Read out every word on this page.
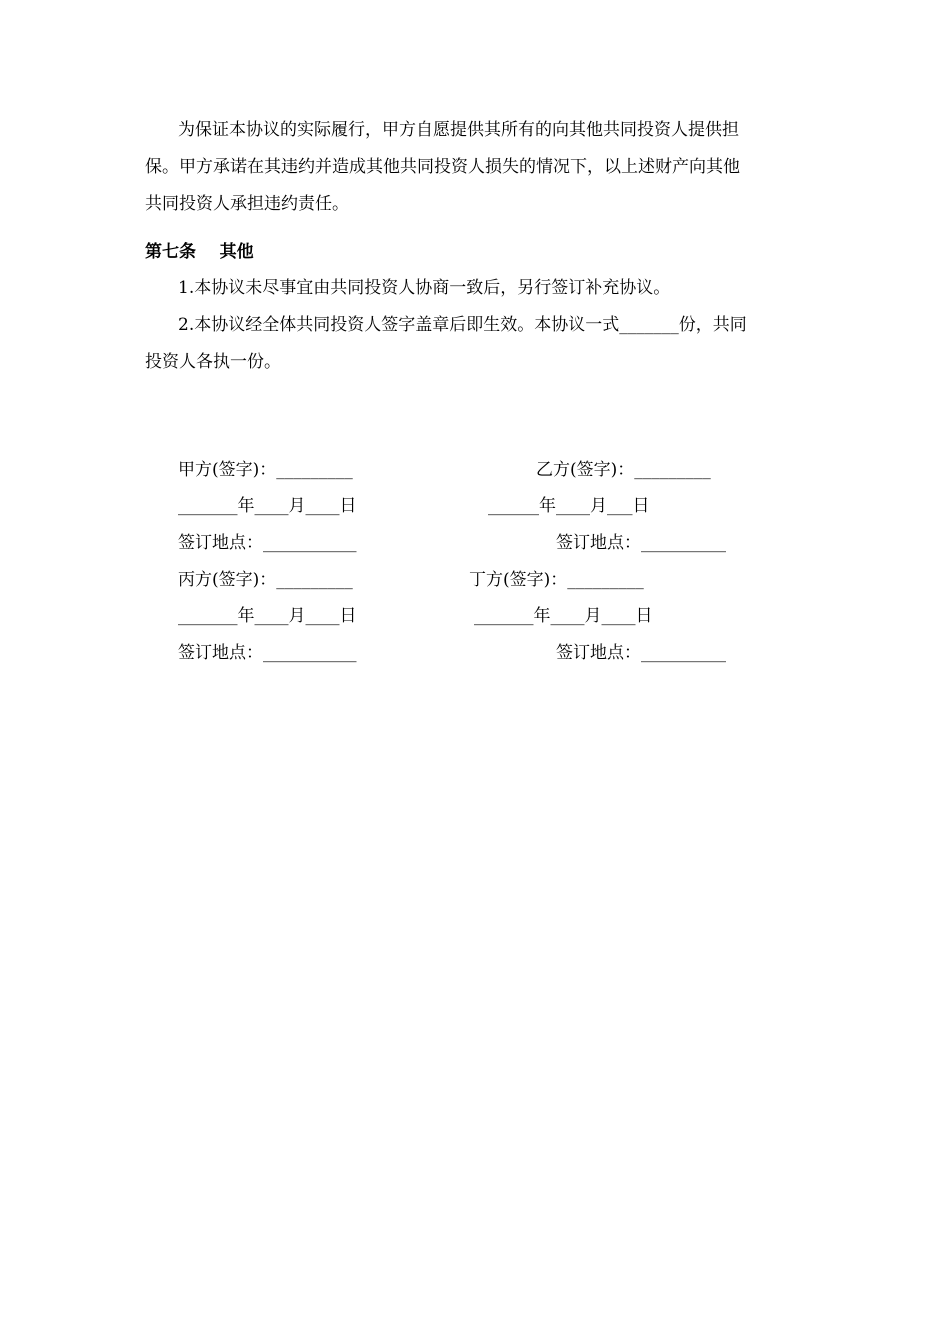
为保证本协议的实际履行，甲方自愿提供其所有的向其他共同投资人提供担
保。甲方承诺在其违约并造成其他共同投资人损失的情况下，以上述财产向其他
共同投资人承担违约责任。
第七条    其他
1.本协议未尽事宜由共同投资人协商一致后，另行签订补充协议。
2.本协议经全体共同投资人签字盖章后即生效。本协议一式_______份，共同
投资人各执一份。
甲方(签字)：_________	乙方(签字)：_________
_______年____月____日	______年____月___日
签订地点：___________	签订地点：__________
丙方(签字)：_________	丁方(签字)：_________
_______年____月____日	_______年____月____日
签订地点：___________	签订地点：__________
